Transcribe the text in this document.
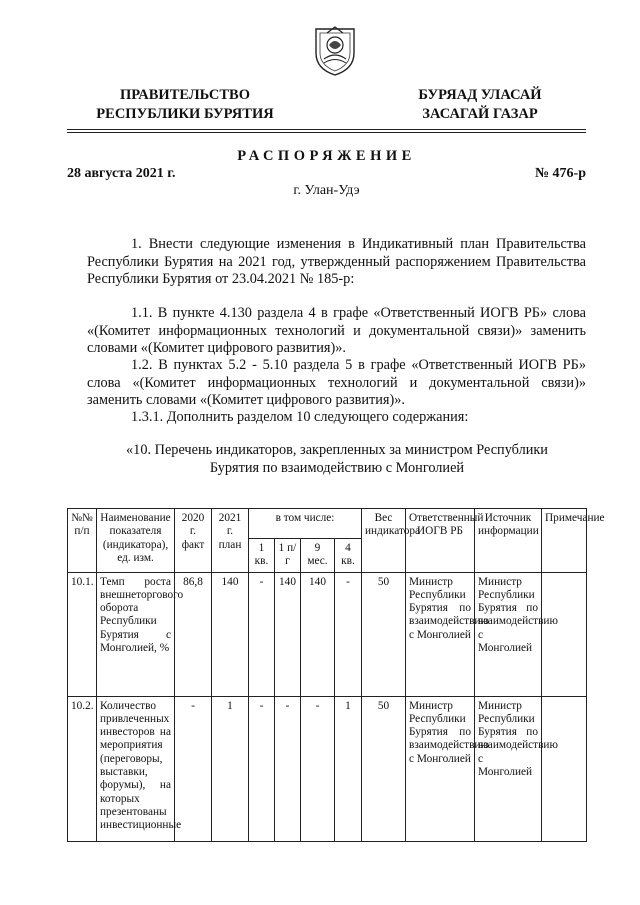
ПРАВИТЕЛЬСТВО
РЕСПУБЛИКИ БУРЯТИЯ
БУРЯАД УЛАСАЙ
ЗАСАГАЙ ГАЗАР
РАСПОРЯЖЕНИЕ
28 августа 2021 г.	№ 476-р
г. Улан-Удэ
1. Внести следующие изменения в Индикативный план Правительства Республики Бурятия на 2021 год, утвержденный распоряжением Правительства Республики Бурятия от 23.04.2021 № 185-р:
1.1. В пункте 4.130 раздела 4 в графе «Ответственный ИОГВ РБ» слова «(Комитет информационных технологий и документальной связи)» заменить словами «(Комитет цифрового развития)».
1.2. В пунктах 5.2 - 5.10 раздела 5 в графе «Ответственный ИОГВ РБ» слова «(Комитет информационных технологий и документальной связи)» заменить словами «(Комитет цифрового развития)».
1.3.1. Дополнить разделом 10 следующего содержания:
«10. Перечень индикаторов, закрепленных за министром Республики
Бурятия по взаимодействию с Монголией
№№ п/п	Наименование показателя (индикатора), ед. изм.	2020 г. факт	2021 г. план	в том числе:				Вес индикатора	Ответственный ИОГВ РБ	Источник информации	Примечание
				1 кв.	1 п/г	9 мес.	4 кв.				
10.1.	Темп роста внешнеторгового оборота Республики Бурятия с Монголией, %	86,8	140	-	140	140	-	50	Министр Республики Бурятия по взаимодействию с Монголией	Министр Республики Бурятия по взаимодействию с Монголией	
10.2.	Количество привлеченных инвесторов на мероприятия (переговоры, выставки, форумы), на которых презентованы инвестиционные	-	1	-	-	-	1	50	Министр Республики Бурятия по взаимодействию с Монголией	Министр Республики Бурятия по взаимодействию с Монголией	
